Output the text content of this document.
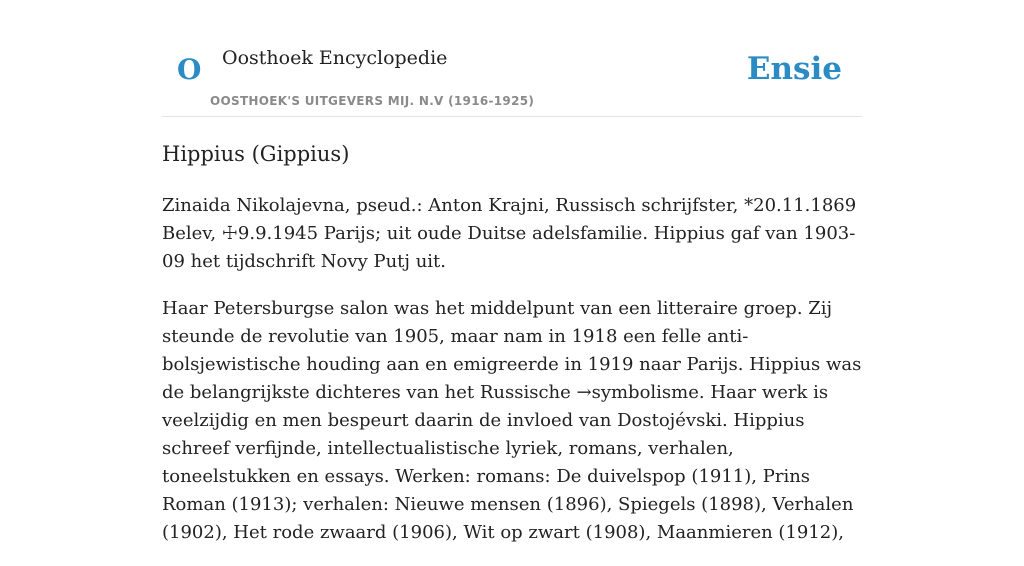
O Oosthoek Encyclopedie
OOSTHOEK'S UITGEVERS MIJ. N.V (1916-1925)
Ensie
Hippius (Gippius)

Zinaida Nikolajevna, pseud.: Anton Krajni, Russisch schrijfster, *20.11.1869 Belev, ☩9.9.1945 Parijs; uit oude Duitse adelsfamilie. Hippius gaf van 1903-09 het tijdschrift Novy Putj uit.

Haar Petersburgse salon was het middelpunt van een litteraire groep. Zij steunde de revolutie van 1905, maar nam in 1918 een felle anti-bolsjewistische houding aan en emigreerde in 1919 naar Parijs. Hippius was de belangrijkste dichteres van het Russische →symbolisme. Haar werk is veelzijdig en men bespeurt daarin de invloed van Dostojévski. Hippius schreef verfijnde, intellectualistische lyriek, romans, verhalen, toneelstukken en essays. Werken: romans: De duivelspop (1911), Prins Roman (1913); verhalen: Nieuwe mensen (1896), Spiegels (1898), Verhalen (1902), Het rode zwaard (1906), Wit op zwart (1908), Maanmieren (1912),
